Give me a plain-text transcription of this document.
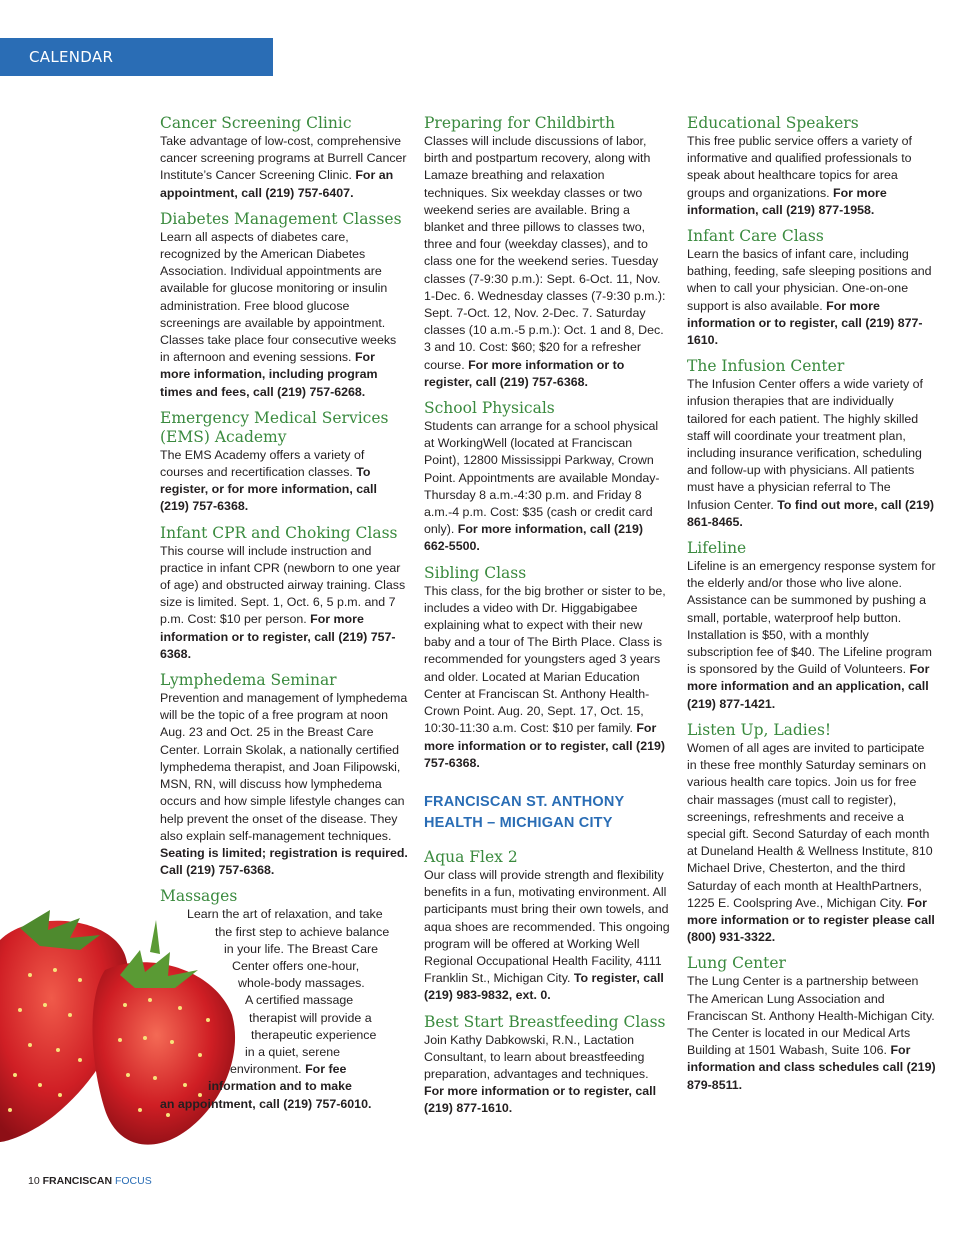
CALENDAR
Cancer Screening Clinic

Take advantage of low-cost, comprehensive cancer screening programs at Burrell Cancer Institute’s Cancer Screening Clinic. For an appointment, call (219) 757-6407.

Diabetes Management Classes

Learn all aspects of diabetes care, recognized by the American Diabetes Association. Individual appointments are available for glucose monitoring or insulin administration. Free blood glucose screenings are available by appointment. Classes take place four consecutive weeks in afternoon and evening sessions. For more information, including program times and fees, call (219) 757-6268.

Emergency Medical Services (EMS) Academy

The EMS Academy offers a variety of courses and recertification classes. To register, or for more information, call (219) 757-6368.

Infant CPR and Choking Class

This course will include instruction and practice in infant CPR (newborn to one year of age) and obstructed airway training. Class size is limited. Sept. 1, Oct. 6, 5 p.m. and 7 p.m. Cost: $10 per person. For more information or to register, call (219) 757-6368.

Lymphedema Seminar

Prevention and management of lymphedema will be the topic of a free program at noon Aug. 23 and Oct. 25 in the Breast Care Center. Lorrain Skolak, a nationally certified lymphedema therapist, and Joan Filipowski, MSN, RN, will discuss how lymphedema occurs and how simple lifestyle changes can help prevent the onset of the disease. They also explain self-management techniques. Seating is limited; registration is required. Call (219) 757-6368.

Massages

Learn the art of relaxation, and take

the first step to achieve balance

in your life. The Breast Care

Center offers one-hour,

whole-body massages.

A certified massage

therapist will provide a

therapeutic experience

in a quiet, serene

environment. For fee

information and to make

an appointment, call (219) 757-6010.

Preparing for Childbirth

Classes will include discussions of labor, birth and postpartum recovery, along with Lamaze breathing and relaxation techniques. Six weekday classes or two weekend series are available. Bring a blanket and three pillows to classes two, three and four (weekday classes), and to class one for the weekend series. Tuesday classes (7-9:30 p.m.): Sept. 6-Oct. 11, Nov. 1-Dec. 6. Wednesday classes (7-9:30 p.m.): Sept. 7-Oct. 12, Nov. 2-Dec. 7. Saturday classes (10 a.m.-5 p.m.): Oct. 1 and 8, Dec. 3 and 10. Cost: $60; $20 for a refresher course. For more information or to register, call (219) 757-6368.

School Physicals

Students can arrange for a school physical at WorkingWell (located at Franciscan Point), 12800 Mississippi Parkway, Crown Point. Appointments are available Monday-Thursday 8 a.m.-4:30 p.m. and Friday 8 a.m.-4 p.m. Cost: $35 (cash or credit card only). For more information, call (219) 662-5500.

Sibling Class

This class, for the big brother or sister to be, includes a video with Dr. Higgabigabee explaining what to expect with their new baby and a tour of The Birth Place. Class is recommended for youngsters aged 3 years and older. Located at Marian Education Center at Franciscan St. Anthony Health-Crown Point. Aug. 20, Sept. 17, Oct. 15, 10:30-11:30 a.m. Cost: $10 per family. For more information or to register, call (219) 757-6368.

FRANCISCAN ST. ANTHONY
HEALTH – MICHIGAN CITY
Aqua Flex 2

Our class will provide strength and flexibility benefits in a fun, motivating environment. All participants must bring their own towels, and aqua shoes are recommended. This ongoing program will be offered at Working Well Regional Occupational Health Facility, 4111 Franklin St., Michigan City. To register, call (219) 983-9832, ext. 0.

Best Start Breastfeeding Class

Join Kathy Dabkowski, R.N., Lactation Consultant, to learn about breastfeeding preparation, advantages and techniques. For more information or to register, call (219) 877-1610.

Educational Speakers

This free public service offers a variety of informative and qualified professionals to speak about healthcare topics for area groups and organizations. For more information, call (219) 877-1958.

Infant Care Class

Learn the basics of infant care, including bathing, feeding, safe sleeping positions and when to call your physician. One-on-one support is also available. For more information or to register, call (219) 877-1610.

The Infusion Center

The Infusion Center offers a wide variety of infusion therapies that are individually tailored for each patient. The highly skilled staff will coordinate your treatment plan, including insurance verification, scheduling and follow-up with physicians. All patients must have a physician referral to The Infusion Center. To find out more, call (219) 861-8465.

Lifeline

Lifeline is an emergency response system for the elderly and/or those who live alone. Assistance can be summoned by pushing a small, portable, waterproof help button. Installation is $50, with a monthly subscription fee of $40. The Lifeline program is sponsored by the Guild of Volunteers. For more information and an application, call (219) 877-1421.

Listen Up, Ladies!

Women of all ages are invited to participate in these free monthly Saturday seminars on various health care topics. Join us for free chair massages (must call to register), screenings, refreshments and receive a special gift. Second Saturday of each month at Duneland Health & Wellness Institute, 810 Michael Drive, Chesterton, and the third Saturday of each month at HealthPartners, 1225 E. Coolspring Ave., Michigan City. For more information or to register please call (800) 931-3322.

Lung Center

The Lung Center is a partnership between The American Lung Association and Franciscan St. Anthony Health-Michigan City. The Center is located in our Medical Arts Building at 1501 Wabash, Suite 106. For information and class schedules call (219) 879-8511.

10 FRANCISCAN FOCUS
